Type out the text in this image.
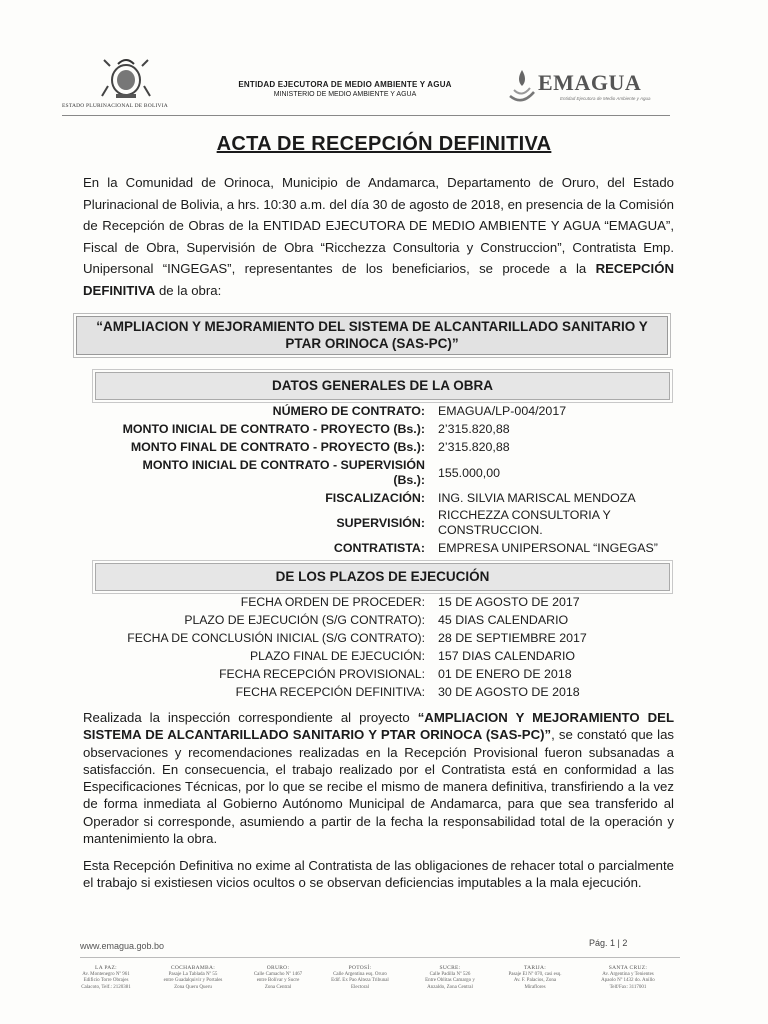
ESTADO PLURINACIONAL DE BOLIVIA
ENTIDAD EJECUTORA DE MEDIO AMBIENTE Y AGUA
MINISTERIO DE MEDIO AMBIENTE Y AGUA	EMAGUA
Entidad Ejecutora de Medio Ambiente y Agua
ACTA DE RECEPCIÓN DEFINITIVA
En la Comunidad de Orinoca, Municipio de Andamarca, Departamento de Oruro, del Estado Plurinacional de Bolivia, a hrs. 10:30 a.m. del día 30 de agosto de 2018, en presencia de la Comisión de Recepción de Obras de la ENTIDAD EJECUTORA DE MEDIO AMBIENTE Y AGUA “EMAGUA”, Fiscal de Obra, Supervisión de Obra “Ricchezza Consultoria y Construccion”, Contratista Emp. Unipersonal “INGEGAS”, representantes de los beneficiarios, se procede a la RECEPCIÓN DEFINITIVA de la obra:
“AMPLIACION Y MEJORAMIENTO DEL SISTEMA DE ALCANTARILLADO SANITARIO Y
PTAR ORINOCA (SAS-PC)”
DATOS GENERALES DE LA OBRA
NÚMERO DE CONTRATO: EMAGUA/LP-004/2017
MONTO INICIAL DE CONTRATO - PROYECTO (Bs.): 2’315.820,88
MONTO FINAL DE CONTRATO - PROYECTO (Bs.): 2’315.820,88
MONTO INICIAL DE CONTRATO - SUPERVISIÓN
(Bs.): 155.000,00
FISCALIZACIÓN: ING. SILVIA MARISCAL MENDOZA
SUPERVISIÓN:
RICCHEZZA CONSULTORIA Y
CONSTRUCCION.
CONTRATISTA: EMPRESA UNIPERSONAL “INGEGAS”
DE LOS PLAZOS DE EJECUCIÓN
FECHA ORDEN DE PROCEDER: 15 DE AGOSTO DE 2017
PLAZO DE EJECUCIÓN (S/G CONTRATO): 45 DIAS CALENDARIO
FECHA DE CONCLUSIÓN INICIAL (S/G CONTRATO): 28 DE SEPTIEMBRE 2017
PLAZO FINAL DE EJECUCIÓN: 157 DIAS CALENDARIO
FECHA RECEPCIÓN PROVISIONAL: 01 DE ENERO DE 2018
FECHA RECEPCIÓN DEFINITIVA: 30 DE AGOSTO DE 2018
Realizada la inspección correspondiente al proyecto “AMPLIACION Y MEJORAMIENTO DEL SISTEMA DE ALCANTARILLADO SANITARIO Y PTAR ORINOCA (SAS-PC)”, se constató que las observaciones y recomendaciones realizadas en la Recepción Provisional fueron subsanadas a satisfacción. En consecuencia, el trabajo realizado por el Contratista está en conformidad a las Especificaciones Técnicas, por lo que se recibe el mismo de manera definitiva, transfiriendo a la vez de forma inmediata al Gobierno Autónomo Municipal de Andamarca, para que sea transferido al Operador si corresponde, asumiendo a partir de la fecha la responsabilidad total de la operación y mantenimiento la obra.
Esta Recepción Definitiva no exime al Contratista de las obligaciones de rehacer total o parcialmente el trabajo si existiesen vicios ocultos o se observan deficiencias imputables a la mala ejecución.
www.emagua.gob.bo	Pág. 1 | 2
LA PAZ:
Av. Montenegro Nº 961
Edificio Torre Obrajes
Calacoto, Telf.: 2120381
COCHABAMBA:
Pasaje La Tablada Nº 55
entre Guadalquivir y Portales
Zona Queru Queru
ORURO:
Calle Camacho Nº 1467
entre Bolívar y Sucre
Zona Central
POTOSÍ:
Calle Argentina esq. Oruro
Edif. Ex Pao Alteza Tribunal
Electoral
SUCRE:
Calle Padilla Nº 526
Entre Oblitas Camargo y
Anzaldo, Zona Central
TARIJA:
Pasaje El Nº 070, casi esq.
Av. F. Palacios, Zona
Miraflores
SANTA CRUZ:
Av. Argentina y Tenientes
Apaolo Nº 1432 do. Anillo
Telf/Fax: 3117001
